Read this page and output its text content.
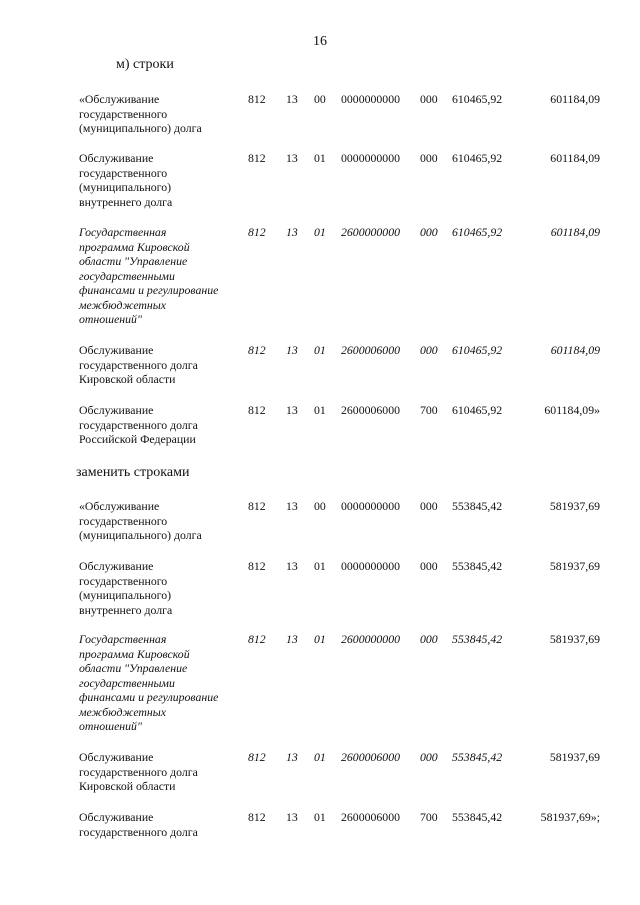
16
м) строки
«Обслуживание
государственного
(муниципального) долга
812 13 00 0000000000 000 610465,92	601184,09
Обслуживание
государственного
(муниципального)
внутреннего долга
812 13 01 0000000000 000 610465,92	601184,09
Государственная
программа Кировской
области "Управление
государственными
финансами и регулирование
межбюджетных
отношений"
812 13 01 2600000000 000 610465,92	601184,09
Обслуживание
государственного долга
Кировской области
812 13 01 2600006000 000 610465,92	601184,09
Обслуживание
государственного долга
Российской Федерации
812 13 01 2600006000 700 610465,92	601184,09»
заменить строками
«Обслуживание
государственного
(муниципального) долга
812 13 00 0000000000 000 553845,42	581937,69
Обслуживание
государственного
(муниципального)
внутреннего долга
812 13 01 0000000000 000 553845,42	581937,69
Государственная
программа Кировской
области "Управление
государственными
финансами и регулирование
межбюджетных
отношений"
812 13 01 2600000000 000 553845,42	581937,69
Обслуживание
государственного долга
Кировской области
812 13 01 2600006000 000 553845,42	581937,69
Обслуживание
государственного долга
812 13 01 2600006000 700 553845,42	581937,69»;
